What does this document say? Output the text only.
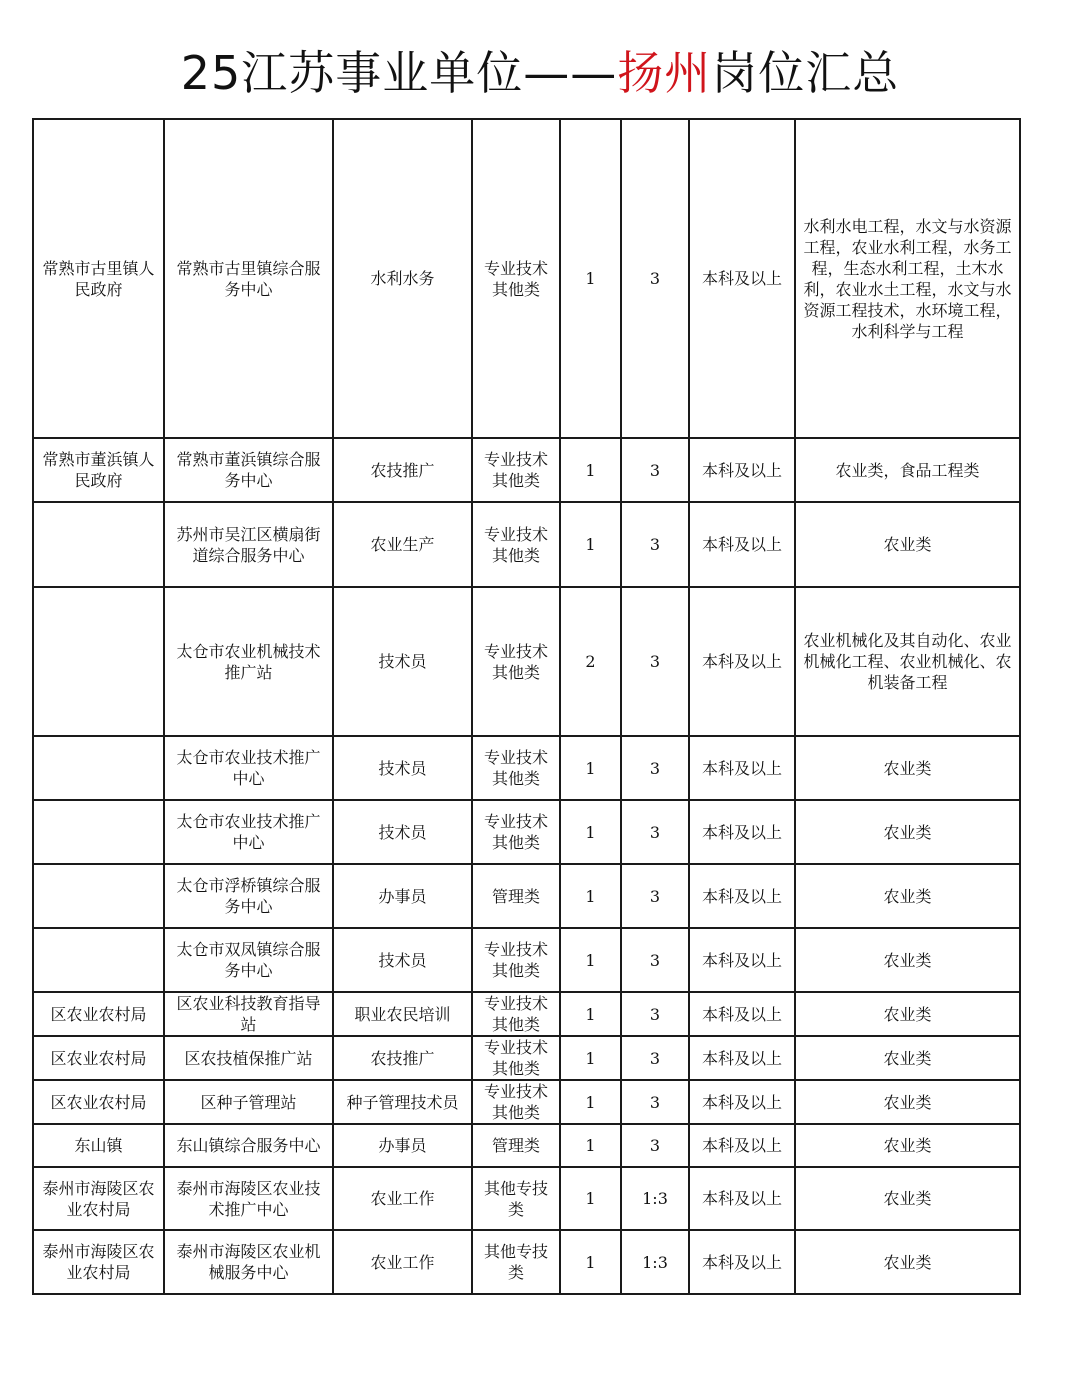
25江苏事业单位——扬州岗位汇总
常熟市古里镇人民政府	常熟市古里镇综合服务中心	水利水务	专业技术其他类	1	3	本科及以上	水利水电工程，水文与水资源工程，农业水利工程，水务工程，生态水利工程，土木水利，农业水土工程，水文与水资源工程技术，水环境工程，水利科学与工程
常熟市董浜镇人民政府	常熟市董浜镇综合服务中心	农技推广	专业技术其他类	1	3	本科及以上	农业类，食品工程类
	苏州市吴江区横扇街道综合服务中心	农业生产	专业技术其他类	1	3	本科及以上	农业类
	太仓市农业机械技术推广站	技术员	专业技术其他类	2	3	本科及以上	农业机械化及其自动化、农业机械化工程、农业机械化、农机装备工程
	太仓市农业技术推广中心	技术员	专业技术其他类	1	3	本科及以上	农业类
	太仓市农业技术推广中心	技术员	专业技术其他类	1	3	本科及以上	农业类
	太仓市浮桥镇综合服务中心	办事员	管理类	1	3	本科及以上	农业类
	太仓市双凤镇综合服务中心	技术员	专业技术其他类	1	3	本科及以上	农业类
区农业农村局	区农业科技教育指导站	职业农民培训	专业技术其他类	1	3	本科及以上	农业类
区农业农村局	区农技植保推广站	农技推广	专业技术其他类	1	3	本科及以上	农业类
区农业农村局	区种子管理站	种子管理技术员	专业技术其他类	1	3	本科及以上	农业类
东山镇	东山镇综合服务中心	办事员	管理类	1	3	本科及以上	农业类
泰州市海陵区农业农村局	泰州市海陵区农业技术推广中心	农业工作	其他专技类	1	1:3	本科及以上	农业类
泰州市海陵区农业农村局	泰州市海陵区农业机械服务中心	农业工作	其他专技类	1	1:3	本科及以上	农业类
